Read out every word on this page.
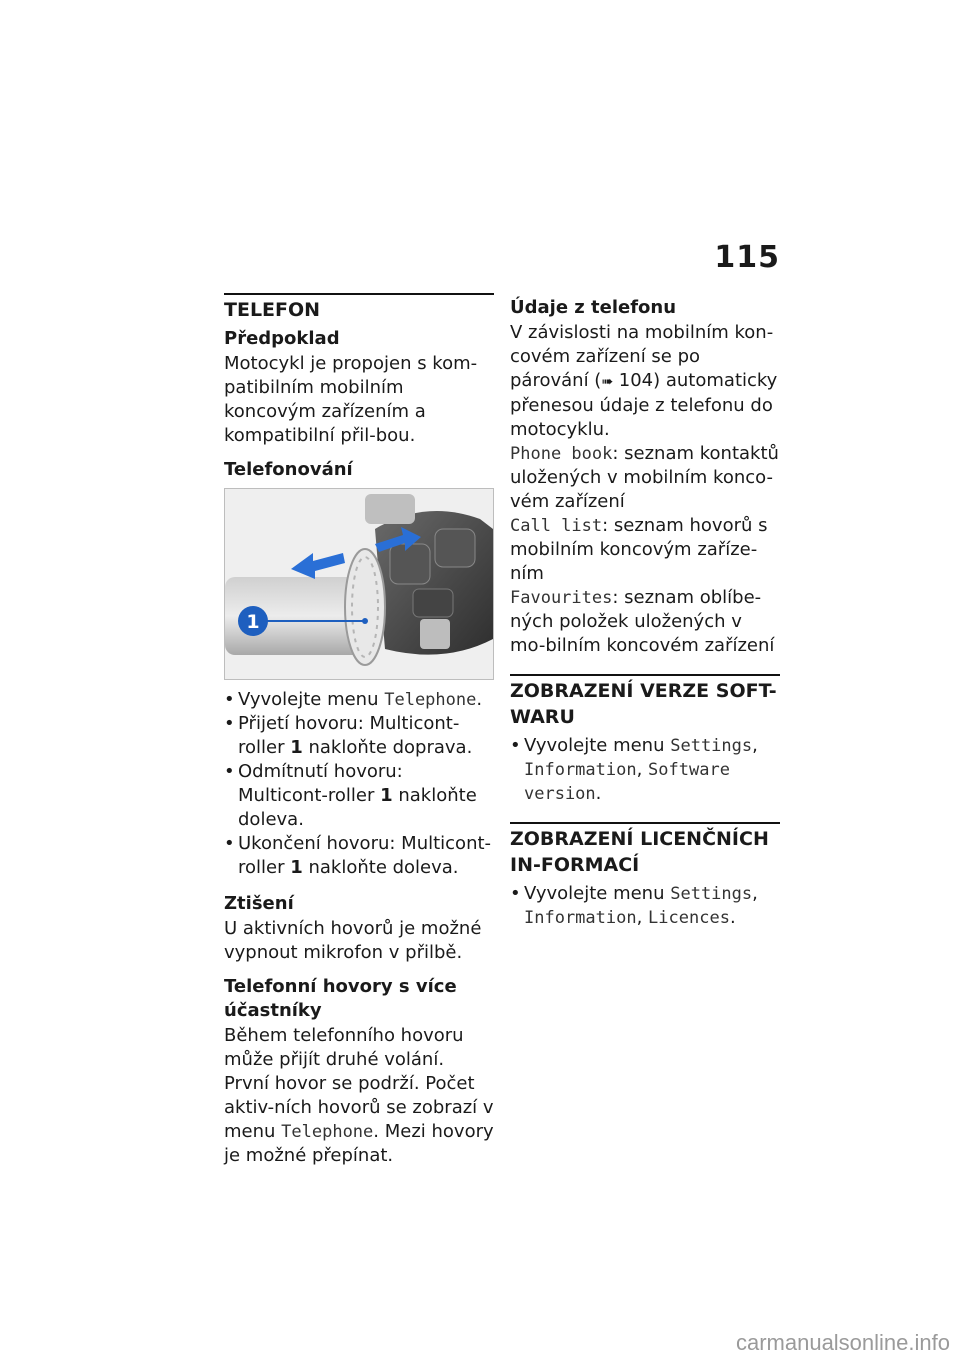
115
TELEFON
Předpoklad

Motocykl je propojen s kom-patibilním mobilním koncovým zařízením a kompatibilní přil-bou.

Telefonování
1
• Vyvolejte menu Telephone.
• Přijetí hovoru: Multicont-roller 1 nakloňte doprava.
• Odmítnutí hovoru: Multicont-roller 1 nakloňte doleva.
• Ukončení hovoru: Multicont-roller 1 nakloňte doleva.
Ztišení

U aktivních hovorů je možné vypnout mikrofon v přilbě.

Telefonní hovory s více účastníky

Během telefonního hovoru může přijít druhé volání. První hovor se podrží. Počet aktiv-ních hovorů se zobrazí v menu Telephone. Mezi hovory je možné přepínat.

Údaje z telefonu

V závislosti na mobilním kon-covém zařízení se po párování (➠ 104) automaticky přenesou údaje z telefonu do motocyklu.

Phone book: seznam kontaktů uložených v mobilním konco-vém zařízení

Call list: seznam hovorů s mobilním koncovým zaříze-ním

Favourites: seznam oblíbe-ných položek uložených v mo-bilním koncovém zařízení

ZOBRAZENÍ VERZE SOFT-WARU
• Vyvolejte menu Settings, Information, Software version.
ZOBRAZENÍ LICENČNÍCH IN-FORMACÍ
• Vyvolejte menu Settings, Information, Licences.
carmanualsonline.info
